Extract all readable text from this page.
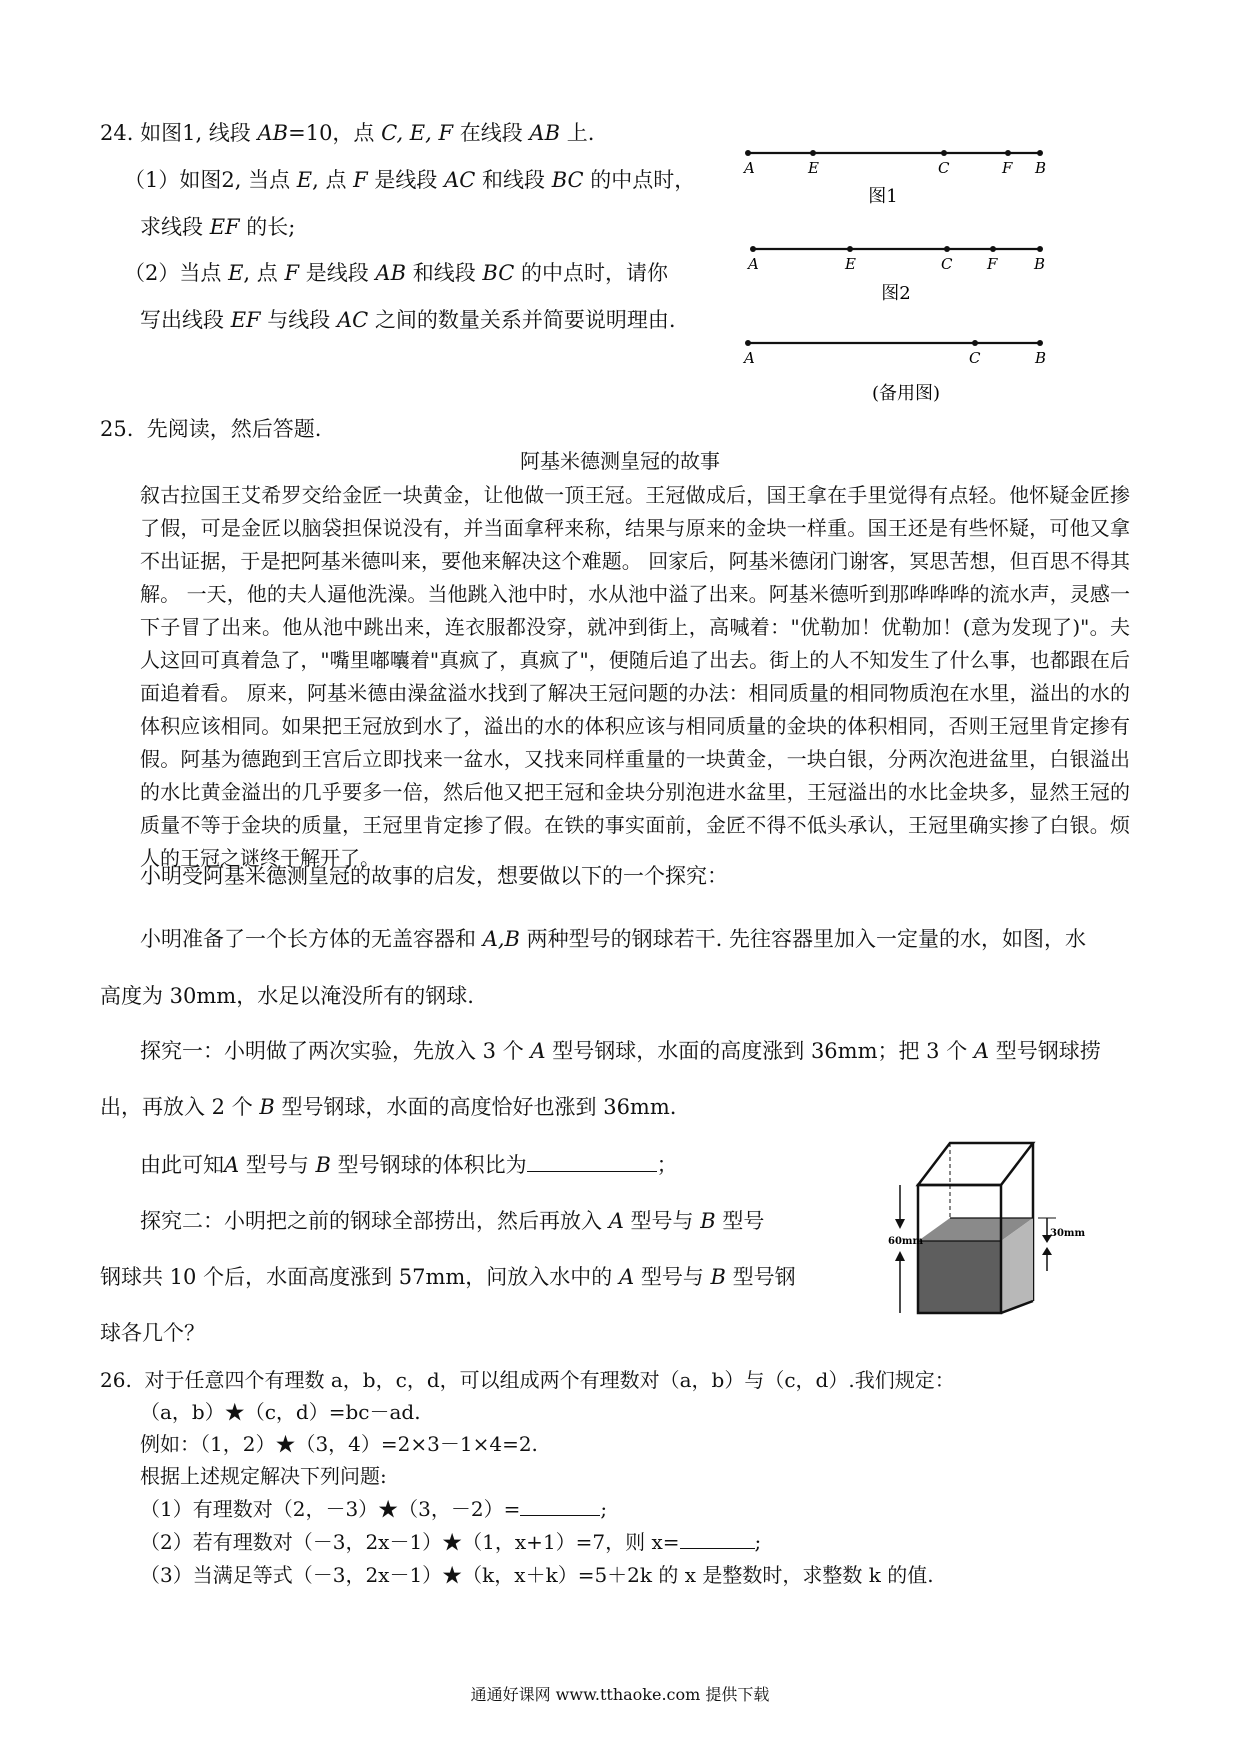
24. 如图1, 线段 AB=10，点 C, E, F 在线段 AB 上.
（1）如图2, 当点 E, 点 F 是线段 AC 和线段 BC 的中点时，
求线段 EF 的长;
（2）当点 E, 点 F 是线段 AB 和线段 BC 的中点时，请你
写出线段 EF 与线段 AC 之间的数量关系并简要说明理由.
A	E	C	F B
图1
A	E	C F B
图2
A	C	B
(备用图)
25. 先阅读，然后答题.
阿基米德测皇冠的故事
叙古拉国王艾希罗交给金匠一块黄金，让他做一顶王冠。王冠做成后，国王拿在手里觉得有点轻。他怀疑金匠掺了假，可是金匠以脑袋担保说没有，并当面拿秤来称，结果与原来的金块一样重。国王还是有些怀疑，可他又拿不出证据，于是把阿基米德叫来，要他来解决这个难题。 回家后，阿基米德闭门谢客，冥思苦想，但百思不得其解。 一天，他的夫人逼他洗澡。当他跳入池中时，水从池中溢了出来。阿基米德听到那哗哗哗的流水声，灵感一下子冒了出来。他从池中跳出来，连衣服都没穿，就冲到街上，高喊着："优勒加！优勒加！(意为发现了)"。夫人这回可真着急了，"嘴里嘟囔着"真疯了，真疯了"，便随后追了出去。街上的人不知发生了什么事，也都跟在后面追着看。 原来，阿基米德由澡盆溢水找到了解决王冠问题的办法：相同质量的相同物质泡在水里，溢出的水的体积应该相同。如果把王冠放到水了，溢出的水的体积应该与相同质量的金块的体积相同，否则王冠里肯定掺有假。阿基为德跑到王宫后立即找来一盆水，又找来同样重量的一块黄金，一块白银，分两次泡进盆里，白银溢出的水比黄金溢出的几乎要多一倍，然后他又把王冠和金块分别泡进水盆里，王冠溢出的水比金块多，显然王冠的质量不等于金块的质量，王冠里肯定掺了假。在铁的事实面前，金匠不得不低头承认，王冠里确实掺了白银。烦人的王冠之谜终于解开了。
小明受阿基米德测皇冠的故事的启发，想要做以下的一个探究：
小明准备了一个长方体的无盖容器和 A,B 两种型号的钢球若干. 先往容器里加入一定量的水，如图，水
高度为 30mm，水足以淹没所有的钢球.
探究一：小明做了两次实验，先放入 3 个 A 型号钢球，水面的高度涨到 36mm；把 3 个 A 型号钢球捞
出，再放入 2 个 B 型号钢球，水面的高度恰好也涨到 36mm.
由此可知A 型号与 B 型号钢球的体积比为	；
探究二：小明把之前的钢球全部捞出，然后再放入 A 型号与 B 型号
钢球共 10 个后，水面高度涨到 57mm，问放入水中的 A 型号与 B 型号钢
球各几个？
60mm
30mm
26. 对于任意四个有理数 a，b，c，d，可以组成两个有理数对（a，b）与（c，d）.我们规定：
（a，b）★（c，d）=bc－ad.
例如：（1，2）★（3，4）=2×3－1×4=2.
根据上述规定解决下列问题:
（1）有理数对（2，－3）★（3，－2）=	;
（2）若有理数对（－3，2x－1）★（1，x+1）=7，则 x=	;
（3）当满足等式（－3，2x－1）★（k，x＋k）=5＋2k 的 x 是整数时，求整数 k 的值.
通通好课网 www.tthaoke.com 提供下载
